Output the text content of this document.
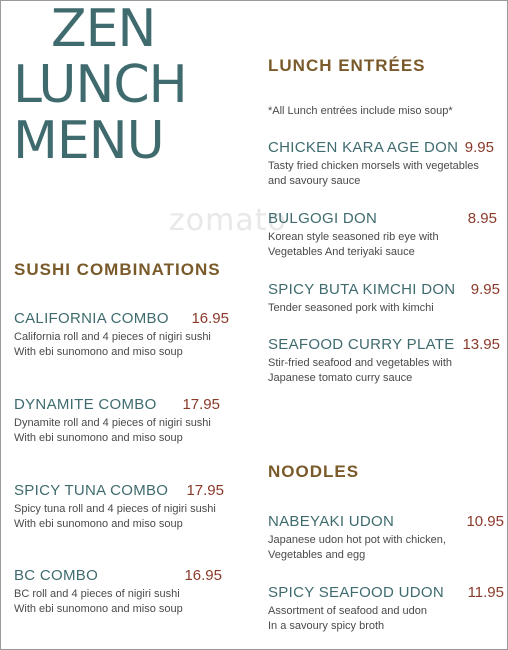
zomato
ZEN
LUNCH
MENU
SUSHI COMBINATIONS
CALIFORNIA COMBO 16.95
California roll and 4 pieces of nigiri sushi
With ebi sunomono and miso soup
DYNAMITE COMBO 17.95
Dynamite roll and 4 pieces of nigiri sushi
With ebi sunomono and miso soup
SPICY TUNA COMBO 17.95
Spicy tuna roll and 4 pieces of nigiri sushi
With ebi sunomono and miso soup
BC COMBO	16.95
BC roll and 4 pieces of nigiri sushi
With ebi sunomono and miso soup
LUNCH ENTRÉES
*All Lunch entrées include miso soup*
CHICKEN KARA AGE DON 9.95
Tasty fried chicken morsels with vegetables
and savoury sauce
BULGOGI DON	8.95
Korean style seasoned rib eye with
Vegetables And teriyaki sauce
SPICY BUTA KIMCHI DON 9.95
Tender seasoned pork with kimchi
SEAFOOD CURRY PLATE 13.95
Stir-fried seafood and vegetables with
Japanese tomato curry sauce
NOODLES
NABEYAKI UDON	10.95
Japanese udon hot pot with chicken,
Vegetables and egg
SPICY SEAFOOD UDON 11.95
Assortment of seafood and udon
In a savoury spicy broth
